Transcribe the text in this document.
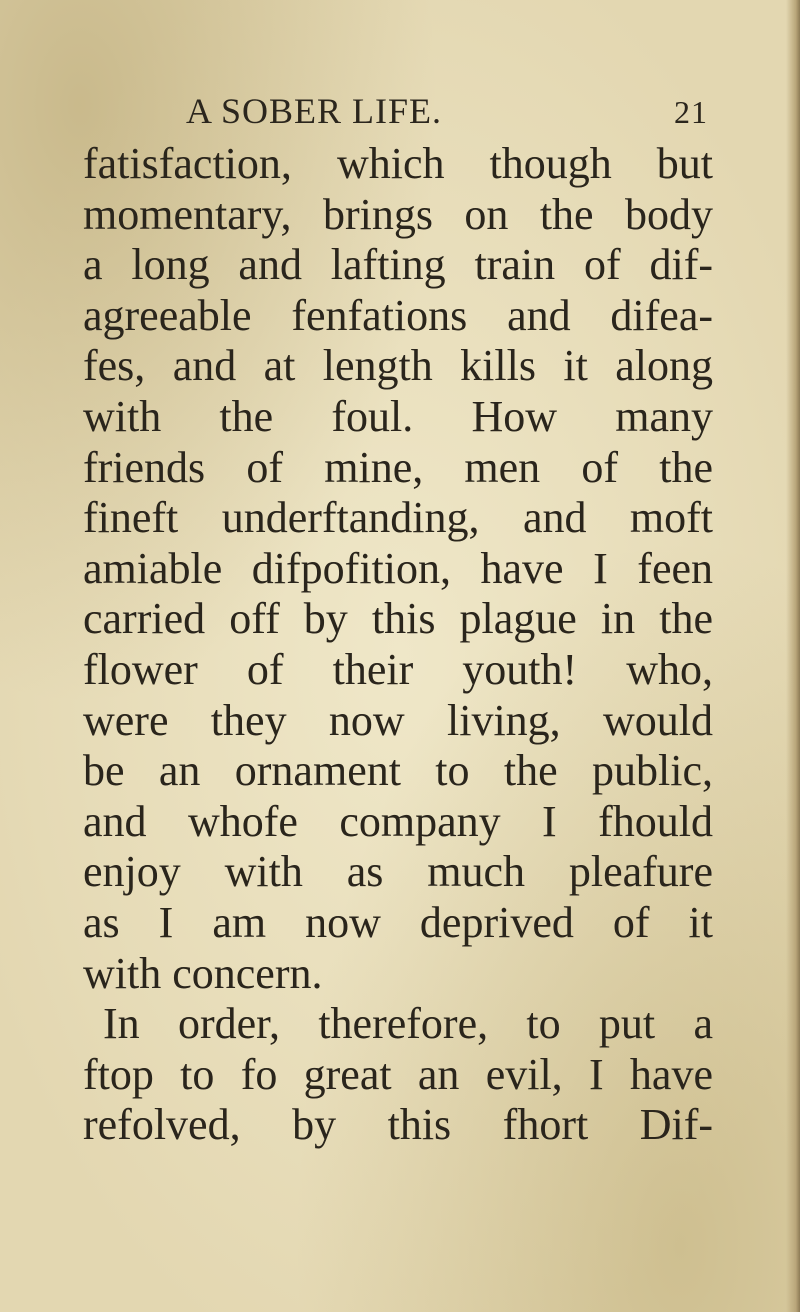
A SOBER LIFE.	21
fatisfaction, which though but
momentary, brings on the body
a long and lafting train of dif-
agreeable fenfations and difea-
fes, and at length kills it along
with the foul. How many
friends of mine, men of the
fineft underftanding, and moft
amiable difpofition, have I feen
carried off by this plague in the
flower of their youth! who,
were they now living, would
be an ornament to the public,
and whofe company I fhould
enjoy with as much pleafure
as I am now deprived of it
with concern.
In order, therefore, to put a
ftop to fo great an evil, I have
refolved, by this fhort Dif-
